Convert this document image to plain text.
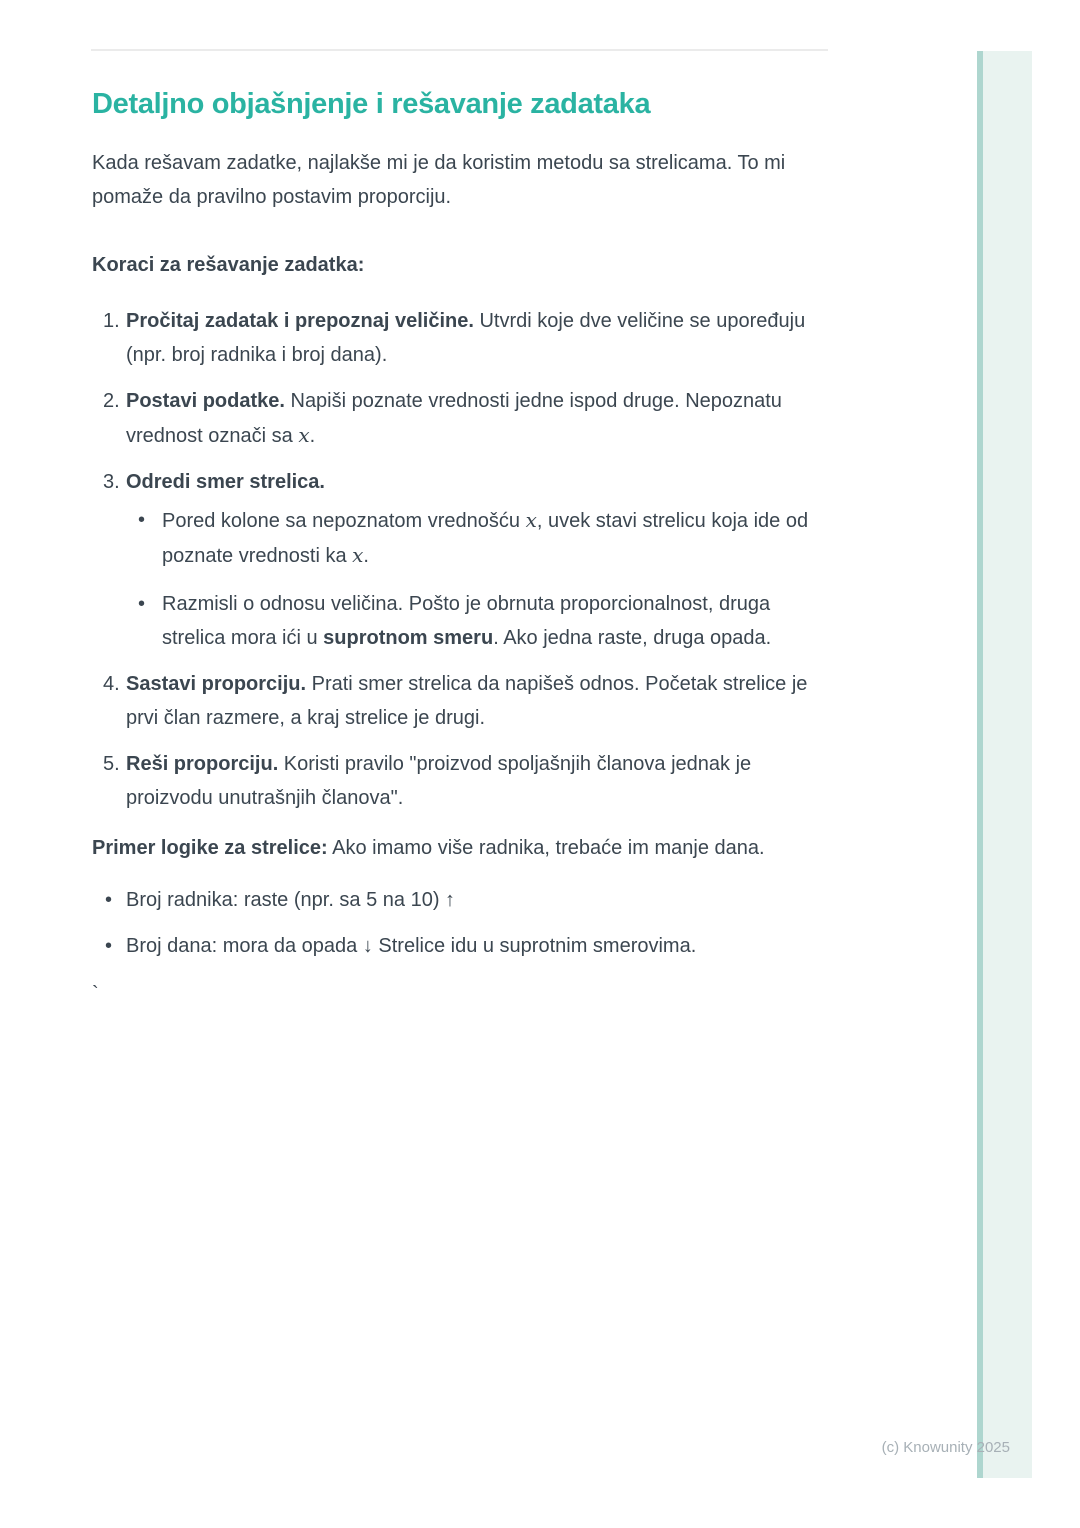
Detaljno objašnjenje i rešavanje zadataka

Kada rešavam zadatke, najlakše mi je da koristim metodu sa strelicama. To mi pomaže da pravilno postavim proporciju.

Koraci za rešavanje zadatka:

1. Pročitaj zadatak i prepoznaj veličine. Utvrdi koje dve veličine se upoređuju (npr. broj radnika i broj dana).
2. Postavi podatke. Napiši poznate vrednosti jedne ispod druge. Nepoznatu vrednost označi sa x.
3. Odredi smer strelica.
• Pored kolone sa nepoznatom vrednošću x, uvek stavi strelicu koja ide od poznate vrednosti ka x.
• Razmisli o odnosu veličina. Pošto je obrnuta proporcionalnost, druga strelica mora ići u suprotnom smeru. Ako jedna raste, druga opada.
4. Sastavi proporciju. Prati smer strelica da napišeš odnos. Početak strelice je prvi član razmere, a kraj strelice je drugi.
5. Reši proporciju. Koristi pravilo "proizvod spoljašnjih članova jednak je proizvodu unutrašnjih članova".

Primer logike za strelice: Ako imamo više radnika, trebaće im manje dana.

• Broj radnika: raste (npr. sa 5 na 10) ↑
• Broj dana: mora da opada ↓ Strelice idu u suprotnim smerovima.

`

(c) Knowunity 2025
